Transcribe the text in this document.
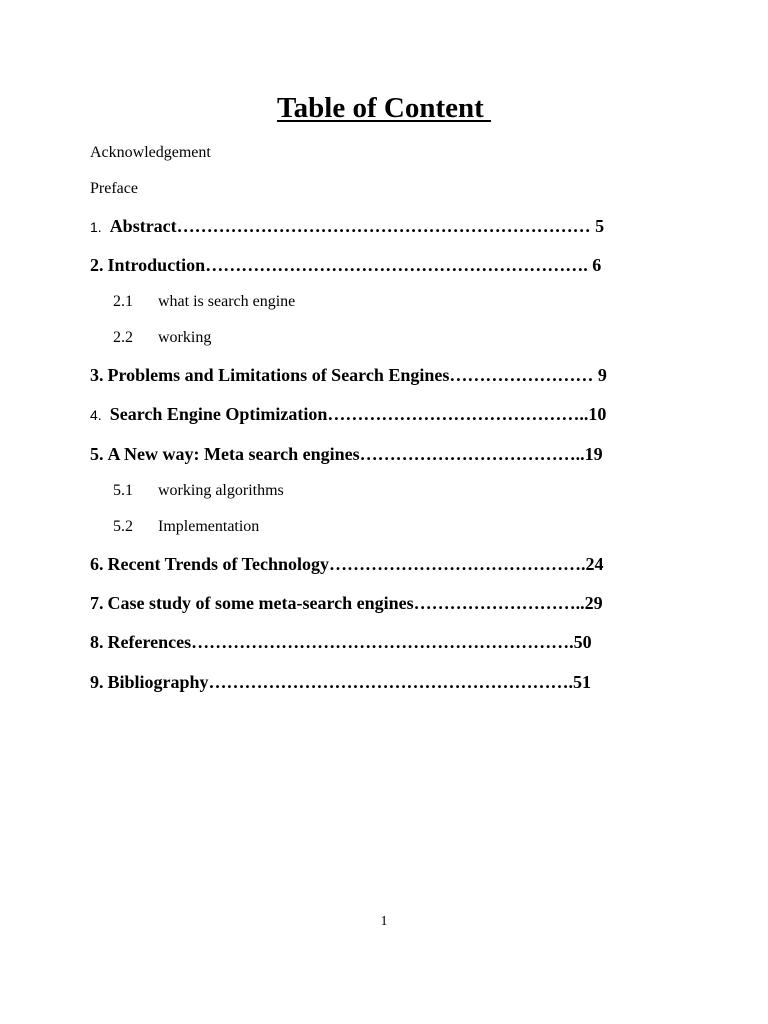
Table of Content
Acknowledgement
Preface
1. Abstract…………………………………………………………… 5
2. Introduction………………………………………………………. 6
2.1 what is search engine
2.2 working
3. Problems and Limitations of Search Engines…………………… 9
4. Search Engine Optimization……………………………………..10
5. A New way: Meta search engines………………………………..19
5.1 working algorithms
5.2 Implementation
6. Recent Trends of Technology…………………………………….24
7. Case study of some meta-search engines………………………..29
8. References……………………………………………………….50
9. Bibliography…………………………………………………….51
1
